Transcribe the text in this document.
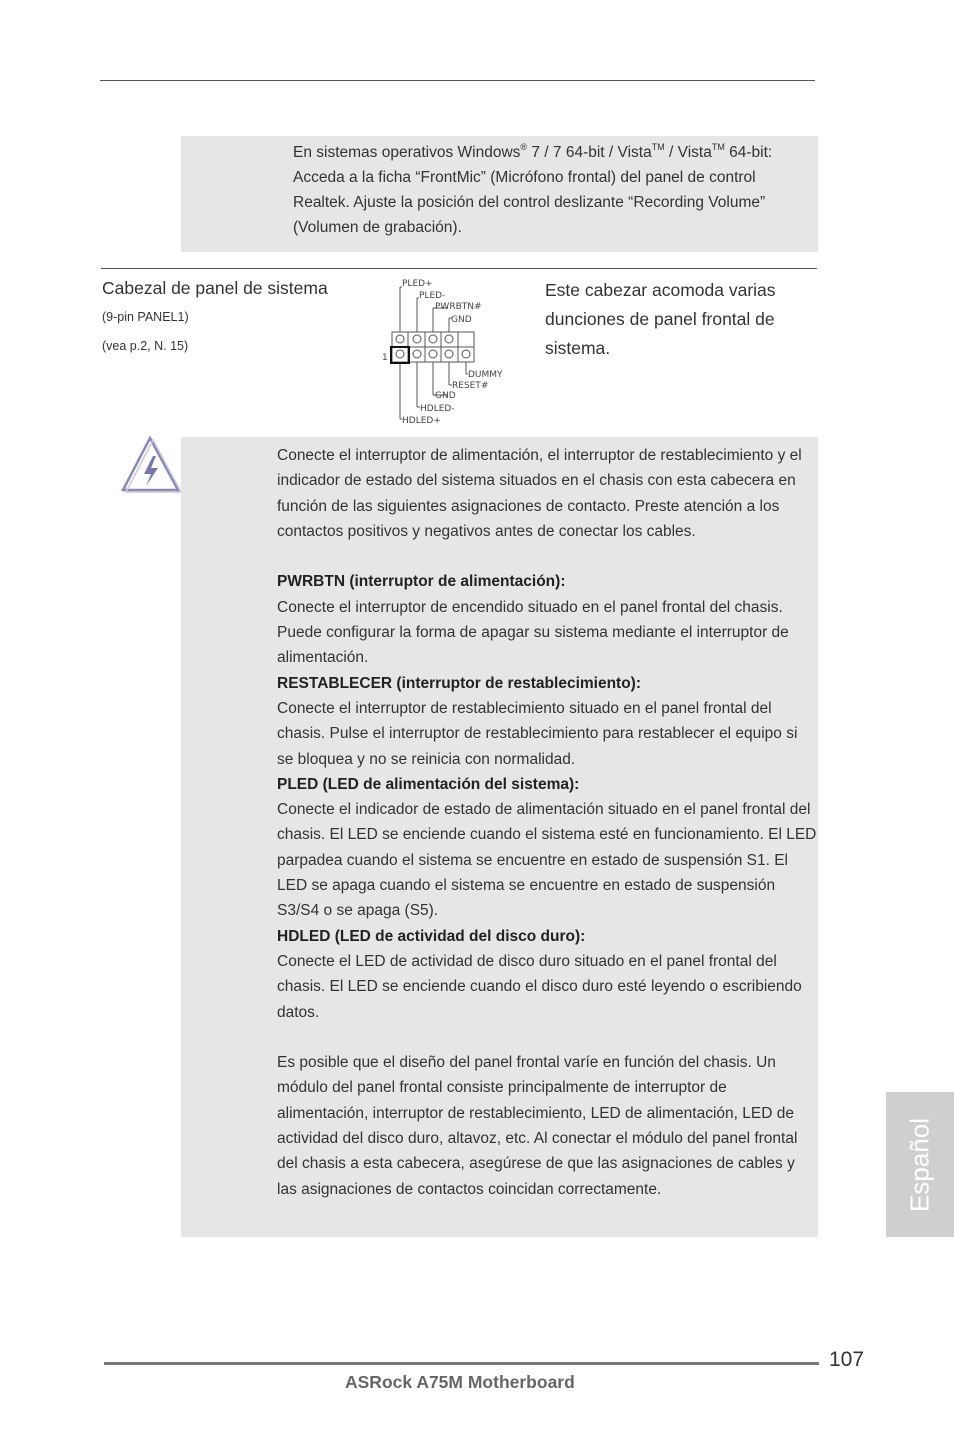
En sistemas operativos Windows® 7 / 7 64-bit / Vista™ / Vista™ 64-bit:
Acceda a la ficha “FrontMic” (Micrófono frontal) del panel de control
Realtek. Ajuste la posición del control deslizante “Recording Volume”
(Volumen de grabación).
Cabezal de panel de sistema
(9-pin PANEL1)
(vea p.2, N. 15)
Este cabezar acomoda varias dunciones de panel frontal de sistema.
1
PLED+
PLED-
PWRBTN#
GND
DUMMY
RESET#
GND
HDLED-
HDLED+

Conecte el interruptor de alimentación, el interruptor de restablecimiento y el indicador de estado del sistema situados en el chasis con esta cabecera en función de las siguientes asignaciones de contacto. Preste atención a los contactos positivos y negativos antes de conectar los cables.

PWRBTN (interruptor de alimentación):

Conecte el interruptor de encendido situado en el panel frontal del chasis. Puede configurar la forma de apagar su sistema mediante el interruptor de alimentación.

RESTABLECER (interruptor de restablecimiento):

Conecte el interruptor de restablecimiento situado en el panel frontal del chasis. Pulse el interruptor de restablecimiento para restablecer el equipo si se bloquea y no se reinicia con normalidad.

PLED (LED de alimentación del sistema):

Conecte el indicador de estado de alimentación situado en el panel frontal del chasis. El LED se enciende cuando el sistema esté en funcionamiento. El LED parpadea cuando el sistema se encuentre en estado de suspensión S1. El LED se apaga cuando el sistema se encuentre en estado de suspensión S3/S4 o se apaga (S5).

HDLED (LED de actividad del disco duro):

Conecte el LED de actividad de disco duro situado en el panel frontal del chasis. El LED se enciende cuando el disco duro esté leyendo o escribiendo datos.

Es posible que el diseño del panel frontal varíe en función del chasis. Un módulo del panel frontal consiste principalmente de interruptor de alimentación, interruptor de restablecimiento, LED de alimentación, LED de actividad del disco duro, altavoz, etc. Al conectar el módulo del panel frontal del chasis a esta cabecera, asegúrese de que las asignaciones de cables y las asignaciones de contactos coincidan correctamente.	Español
107
ASRock A75M Motherboard
